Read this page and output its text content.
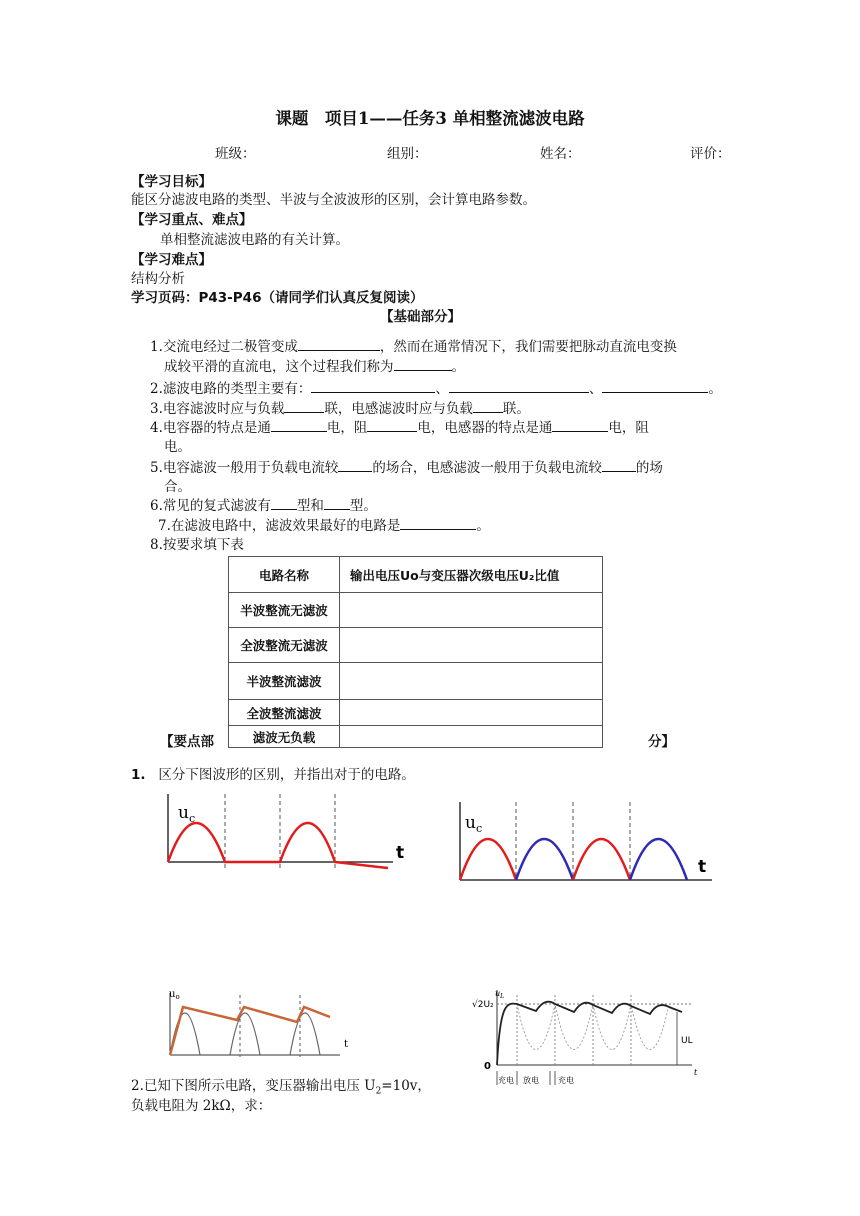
课题　项目1——任务3 单相整流滤波电路
班级：	组别：	姓名：	评价：
【学习目标】
能区分滤波电路的类型、半波与全波波形的区别，会计算电路参数。
【学习重点、难点】
单相整流滤波电路的有关计算。
【学习难点】
结构分析
学习页码：P43-P46（请同学们认真反复阅读）
【基础部分】
1.交流电经过二极管变成	，然而在通常情况下，我们需要把脉动直流电变换
成较平滑的直流电，这个过程我们称为	。
2.滤波电路的类型主要有：	、	、	。
3.电容滤波时应与负载	联，电感滤波时应与负载 联。
4.电容器的特点是通	电，阻	电，电感器的特点是通	电，阻
电。
5.电容滤波一般用于负载电流较	的场合，电感滤波一般用于负载电流较	的场
合。
6.常见的复式滤波有 型和 型。
7.在滤波电路中，滤波效果最好的电路是	。
8.按要求填下表
电路名称	输出电压Uo与变压器次级电压U₂比值
半波整流无滤波	
全波整流无滤波	
半波整流滤波	
全波整流滤波	
滤波无负载	
【要点部	分】
1. 区分下图波形的区别，并指出对于的电路。
$u_c$
t
$u_c$
t
$u_o$
t
$u_L$
√2U₂
0
UL
t
充电 放电 充电
2.已知下图所示电路，变压器输出电压 $U_2=10v$，
负载电阻为 2kΩ，求：
